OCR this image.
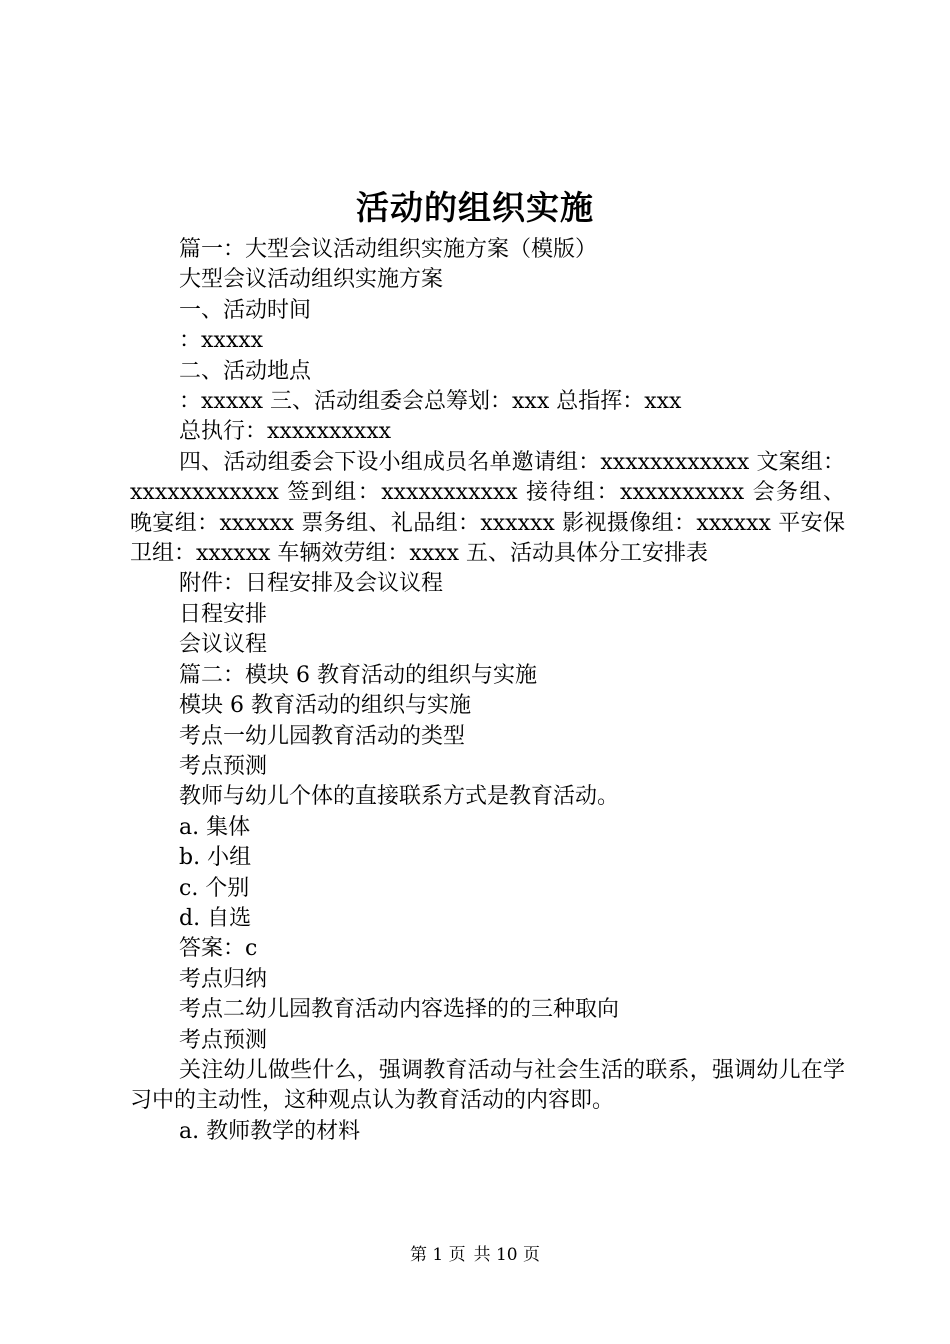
活动的组织实施

篇一：大型会议活动组织实施方案（模版）

大型会议活动组织实施方案

一、活动时间

：xxxxx

二、活动地点

：xxxxx 三、活动组委会总筹划：xxx 总指挥：xxx

总执行：xxxxxxxxxx

四、活动组委会下设小组成员名单邀请组：xxxxxxxxxxxx 文案组：xxxxxxxxxxxx 签到组：xxxxxxxxxxx 接待组：xxxxxxxxxx 会务组、晚宴组：xxxxxx 票务组、礼品组：xxxxxx 影视摄像组：xxxxxx 平安保卫组：xxxxxx 车辆效劳组：xxxx 五、活动具体分工安排表

附件：日程安排及会议议程

日程安排

会议议程

篇二：模块 6 教育活动的组织与实施

模块 6 教育活动的组织与实施

考点一幼儿园教育活动的类型

考点预测

教师与幼儿个体的直接联系方式是教育活动。

a. 集体

b. 小组

c. 个别

d. 自选

答案：c

考点归纳

考点二幼儿园教育活动内容选择的的三种取向

考点预测

关注幼儿做些什么，强调教育活动与社会生活的联系，强调幼儿在学习中的主动性，这种观点认为教育活动的内容即。

a. 教师教学的材料

第 1 页 共 10 页
